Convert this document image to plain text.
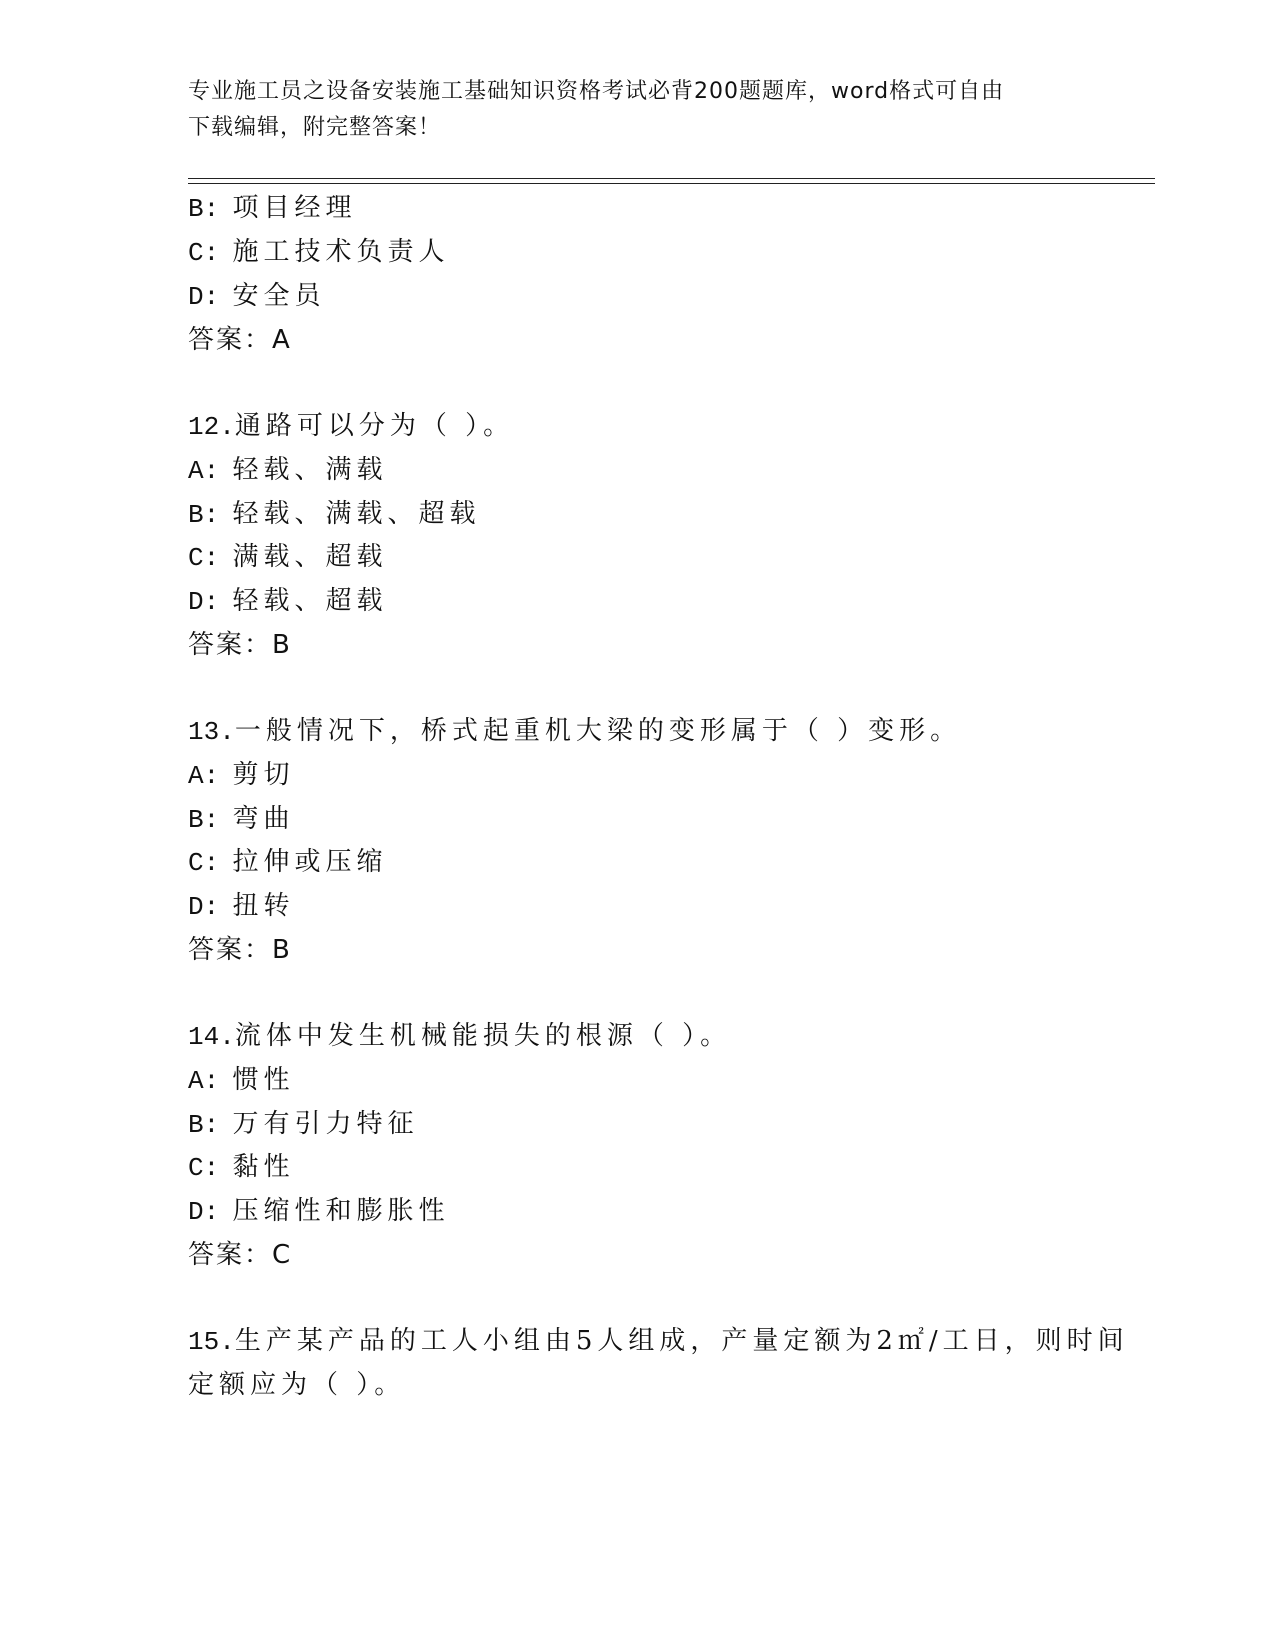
专业施工员之设备安装施工基础知识资格考试必背200题题库，word格式可自由
下载编辑，附完整答案！
B: 项目经理
C: 施工技术负责人
D: 安全员
答案：A
12.通路可以分为（ ）。
A: 轻载、满载
B: 轻载、满载、超载
C: 满载、超载
D: 轻载、超载
答案：B
13.一般情况下，桥式起重机大梁的变形属于（ ）变形。
A: 剪切
B: 弯曲
C: 拉伸或压缩
D: 扭转
答案：B
14.流体中发生机械能损失的根源（ ）。
A: 惯性
B: 万有引力特征
C: 黏性
D: 压缩性和膨胀性
答案：C
15.生产某产品的工人小组由5人组成，产量定额为2㎡/工日，则时间
定额应为（ ）。
